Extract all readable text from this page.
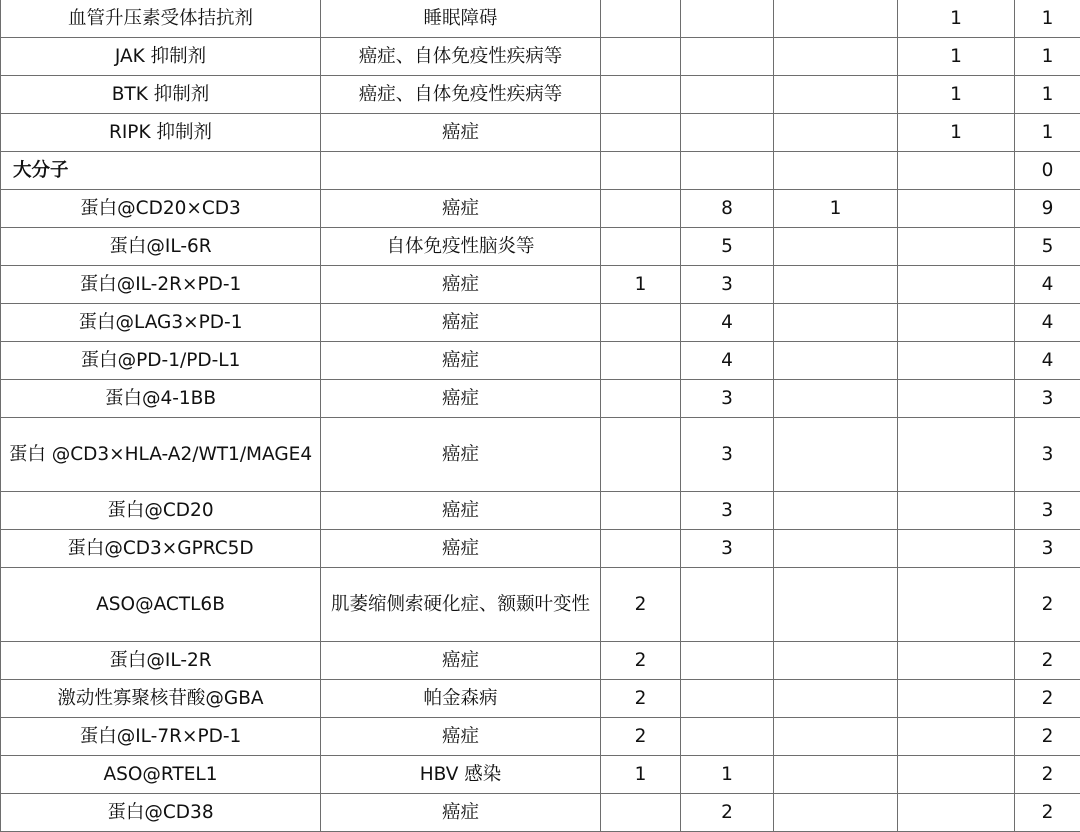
血管升压素受体拮抗剂	睡眠障碍				1	1
JAK 抑制剂	癌症、自体免疫性疾病等				1	1
BTK 抑制剂	癌症、自体免疫性疾病等				1	1
RIPK 抑制剂	癌症				1	1
大分子						0
蛋白@CD20×CD3	癌症		8	1		9
蛋白@IL-6R	自体免疫性脑炎等		5			5
蛋白@IL-2R×PD-1	癌症	1	3			4
蛋白@LAG3×PD-1	癌症		4			4
蛋白@PD-1/PD-L1	癌症		4			4
蛋白@4-1BB	癌症		3			3
蛋白 @CD3×HLA-A2/WT1/MAGE4	癌症		3			3
蛋白@CD20	癌症		3			3
蛋白@CD3×GPRC5D	癌症		3			3
ASO@ACTL6B	肌萎缩侧索硬化症、额颞叶变性	2				2
蛋白@IL-2R	癌症	2				2
激动性寡聚核苷酸@GBA	帕金森病	2				2
蛋白@IL-7R×PD-1	癌症	2				2
ASO@RTEL1	HBV 感染	1	1			2
蛋白@CD38	癌症		2			2
